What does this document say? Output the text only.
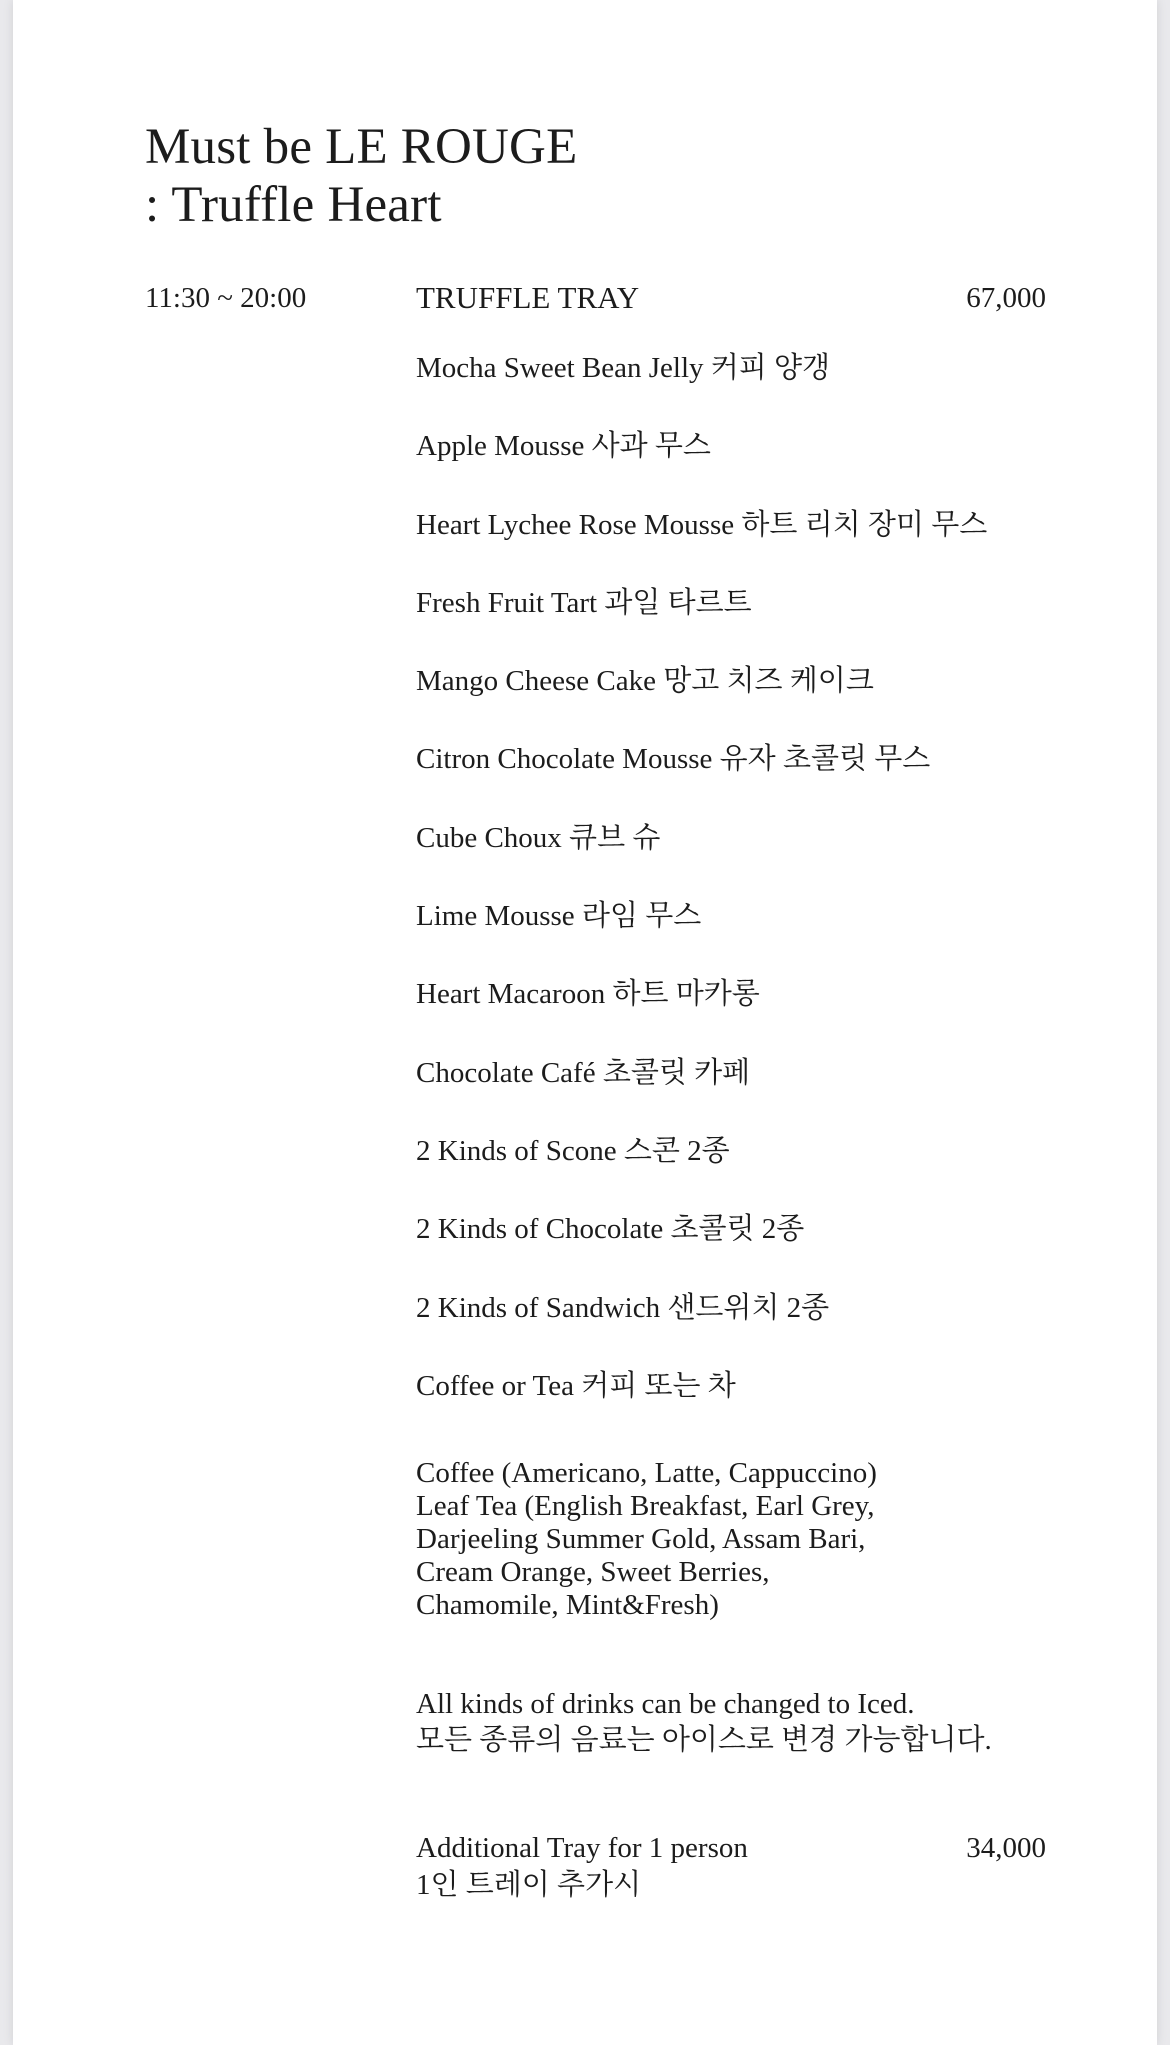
Must be LE ROUGE
: Truffle Heart
11:30 ~ 20:00	TRUFFLE TRAY	67,000
Mocha Sweet Bean Jelly 커피 양갱
Apple Mousse 사과 무스
Heart Lychee Rose Mousse 하트 리치 장미 무스
Fresh Fruit Tart 과일 타르트
Mango Cheese Cake 망고 치즈 케이크
Citron Chocolate Mousse 유자 초콜릿 무스
Cube Choux 큐브 슈
Lime Mousse 라임 무스
Heart Macaroon 하트 마카롱
Chocolate Café 초콜릿 카페
2 Kinds of Scone 스콘 2종
2 Kinds of Chocolate 초콜릿 2종
2 Kinds of Sandwich 샌드위치 2종
Coffee or Tea 커피 또는 차
Coffee (Americano, Latte, Cappuccino)
Leaf Tea (English Breakfast, Earl Grey,
Darjeeling Summer Gold, Assam Bari,
Cream Orange, Sweet Berries,
Chamomile, Mint&Fresh)
All kinds of drinks can be changed to Iced.
모든 종류의 음료는 아이스로 변경 가능합니다.
Additional Tray for 1 person
1인 트레이 추가시
34,000
